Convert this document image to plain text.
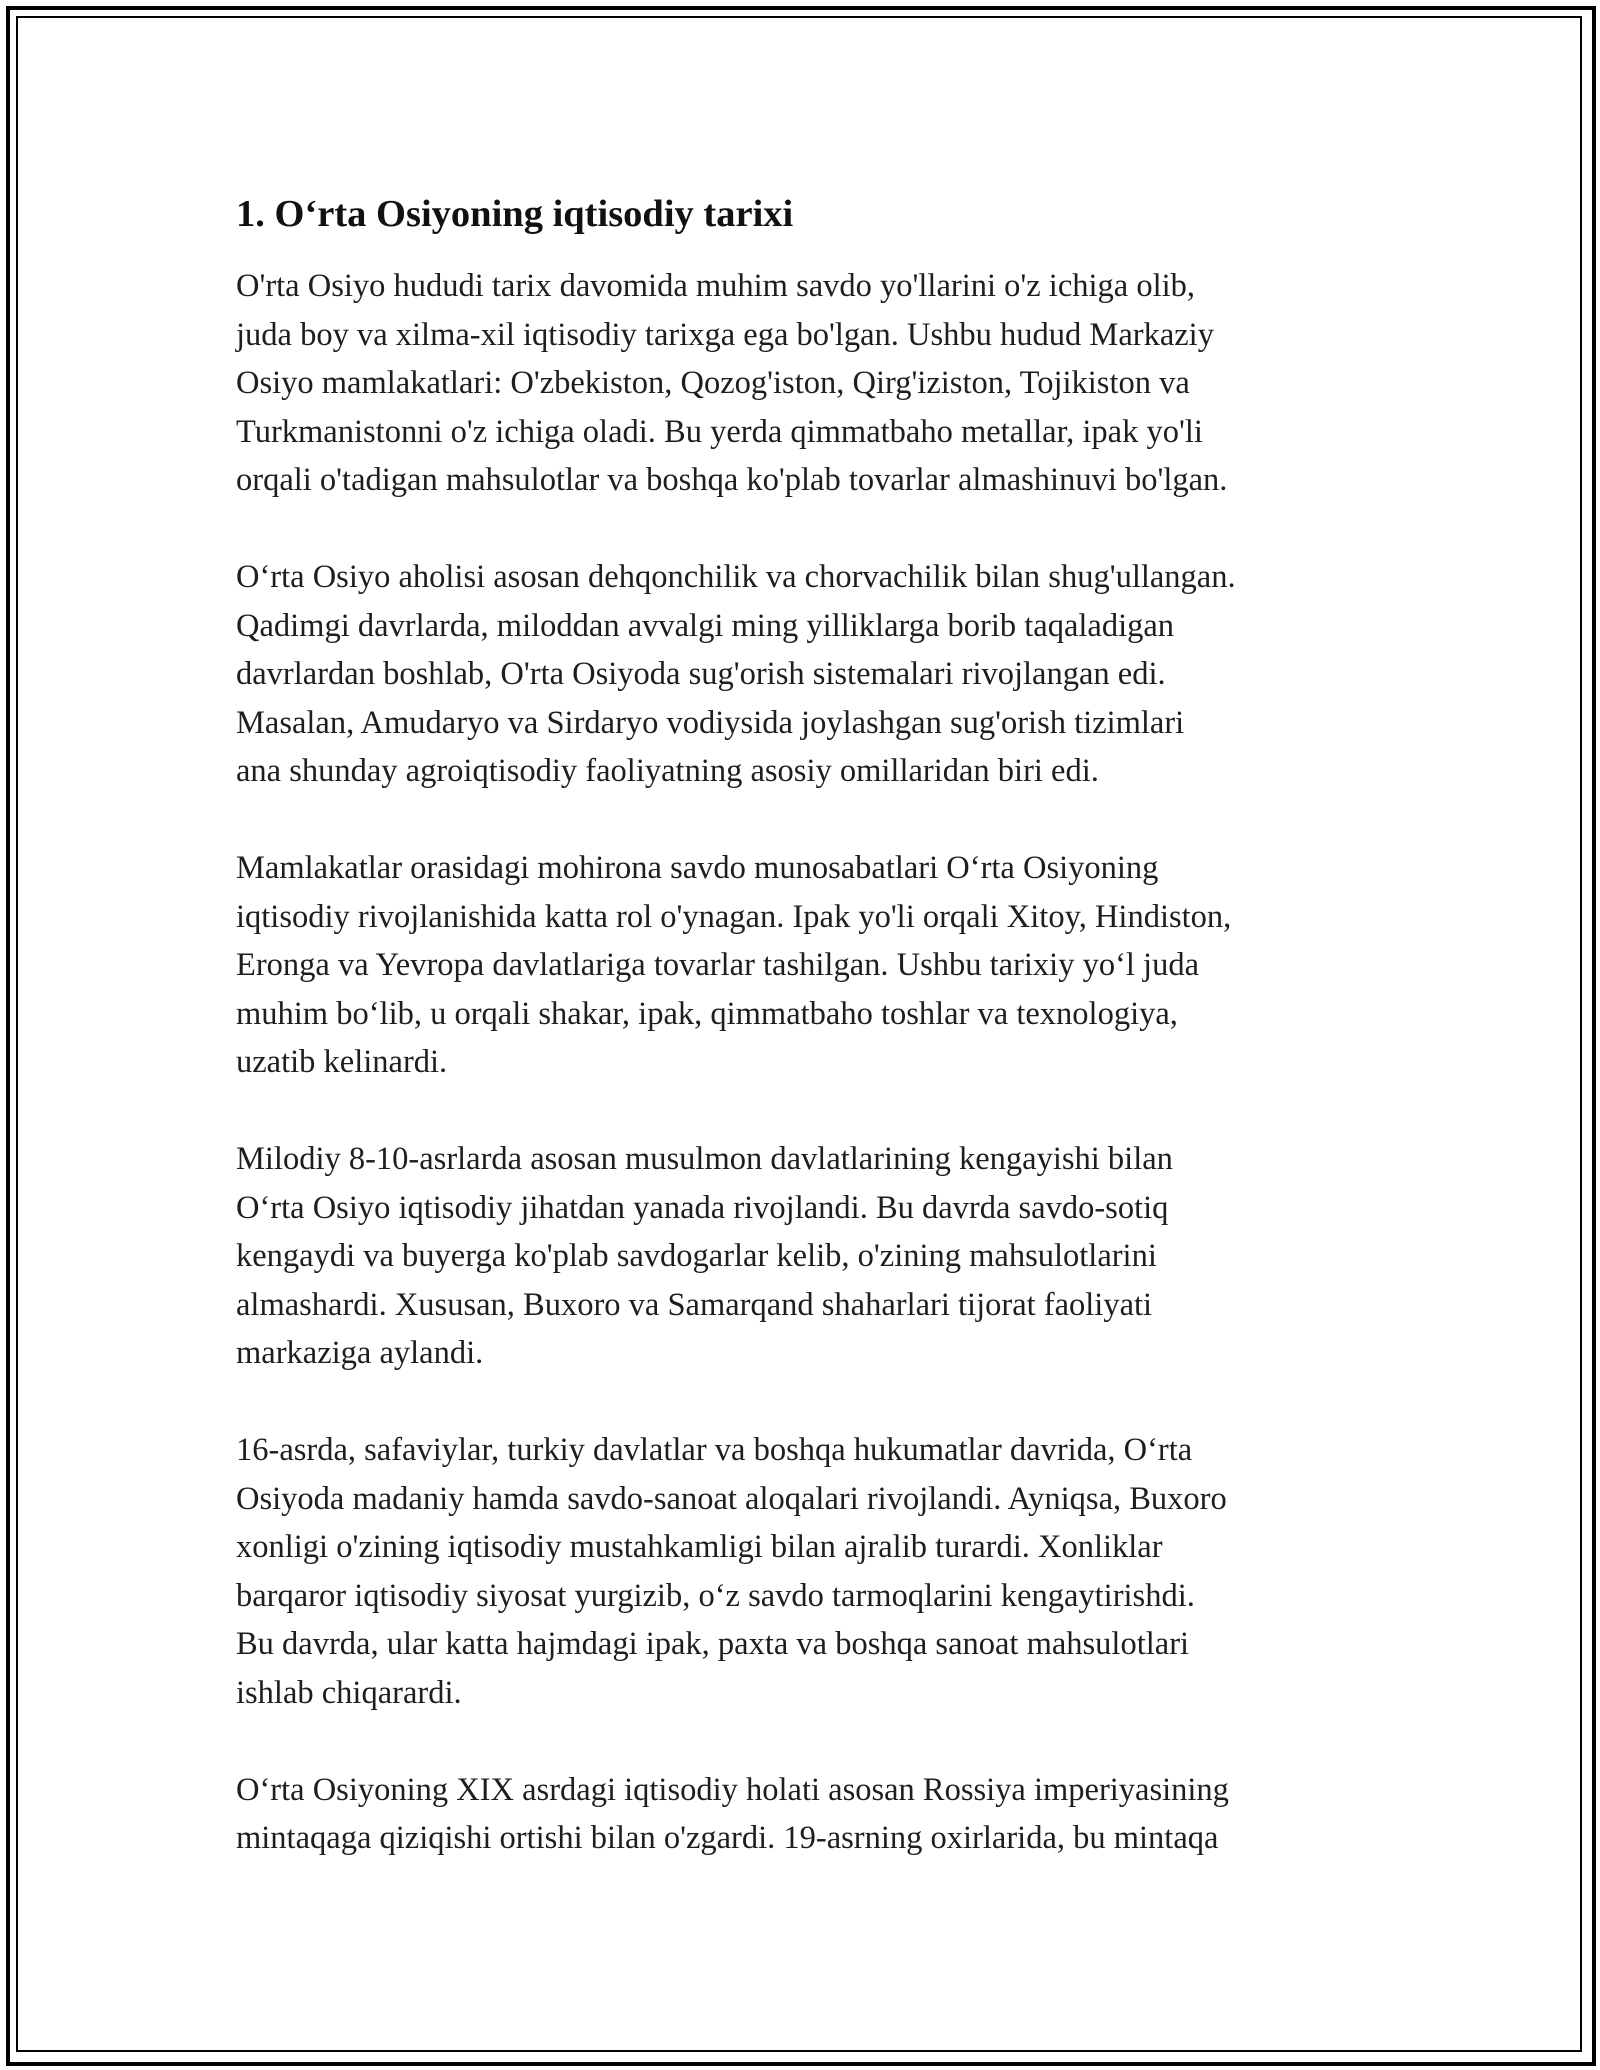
1. O‘rta Osiyoning iqtisodiy tarixi

O'rta Osiyo hududi tarix davomida muhim savdo yo'llarini o'z ichiga olib,
juda boy va xilma-xil iqtisodiy tarixga ega bo'lgan. Ushbu hudud Markaziy
Osiyo mamlakatlari: O'zbekiston, Qozog'iston, Qirg'iziston, Tojikiston va
Turkmanistonni o'z ichiga oladi. Bu yerda qimmatbaho metallar, ipak yo'li
orqali o'tadigan mahsulotlar va boshqa ko'plab tovarlar almashinuvi bo'lgan.

O‘rta Osiyo aholisi asosan dehqonchilik va chorvachilik bilan shug'ullangan.
Qadimgi davrlarda, miloddan avvalgi ming yilliklarga borib taqaladigan
davrlardan boshlab, O'rta Osiyoda sug'orish sistemalari rivojlangan edi.
Masalan, Amudaryo va Sirdaryo vodiysida joylashgan sug'orish tizimlari
ana shunday agroiqtisodiy faoliyatning asosiy omillaridan biri edi.

Mamlakatlar orasidagi mohirona savdo munosabatlari O‘rta Osiyoning
iqtisodiy rivojlanishida katta rol o'ynagan. Ipak yo'li orqali Xitoy, Hindiston,
Eronga va Yevropa davlatlariga tovarlar tashilgan. Ushbu tarixiy yo‘l juda
muhim bo‘lib, u orqali shakar, ipak, qimmatbaho toshlar va texnologiya,
uzatib kelinardi.

Milodiy 8-10-asrlarda asosan musulmon davlatlarining kengayishi bilan
O‘rta Osiyo iqtisodiy jihatdan yanada rivojlandi. Bu davrda savdo-sotiq
kengaydi va buyerga ko'plab savdogarlar kelib, o'zining mahsulotlarini
almashardi. Xususan, Buxoro va Samarqand shaharlari tijorat faoliyati
markaziga aylandi.

16-asrda, safaviylar, turkiy davlatlar va boshqa hukumatlar davrida, O‘rta
Osiyoda madaniy hamda savdo-sanoat aloqalari rivojlandi. Ayniqsa, Buxoro
xonligi o'zining iqtisodiy mustahkamligi bilan ajralib turardi. Xonliklar
barqaror iqtisodiy siyosat yurgizib, o‘z savdo tarmoqlarini kengaytirishdi.
Bu davrda, ular katta hajmdagi ipak, paxta va boshqa sanoat mahsulotlari
ishlab chiqarardi.

O‘rta Osiyoning XIX asrdagi iqtisodiy holati asosan Rossiya imperiyasining
mintaqaga qiziqishi ortishi bilan o'zgardi. 19-asrning oxirlarida, bu mintaqa
